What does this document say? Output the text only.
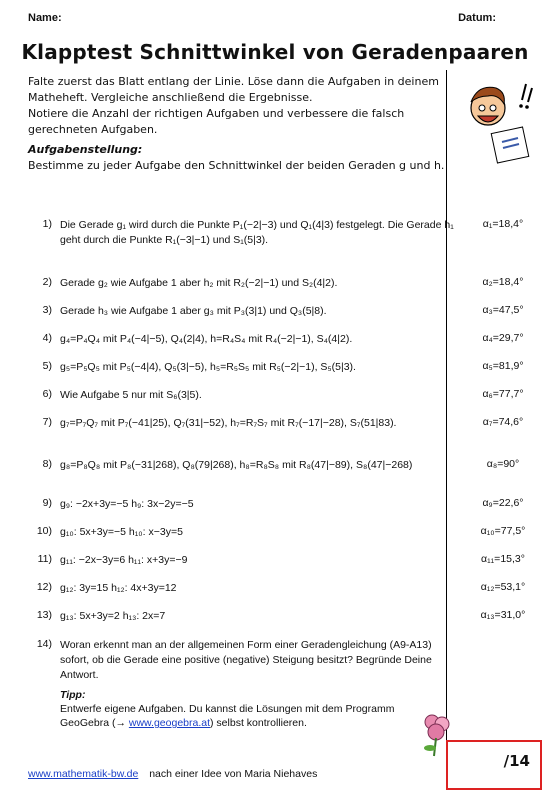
Name:	Datum:
Klapptest Schnittwinkel von Geradenpaaren

Falte zuerst das Blatt entlang der Linie. Löse dann die Aufgaben in deinem Matheheft. Vergleiche anschließend die Ergebnisse.

Notiere die Anzahl der richtigen Aufgaben und verbessere die falsch gerechneten Aufgaben.

Aufgabenstellung:

Bestimme zu jeder Aufgabe den Schnittwinkel der beiden Geraden g und h.

1) Die Gerade g₁ wird durch die Punkte P₁(−2|−3) und Q₁(4|3) festgelegt. Die Gerade h₁ geht durch die Punkte R₁(−3|−1) und S₁(5|3).
α₁=18,4°
2) Gerade g₂ wie Aufgabe 1 aber h₂ mit R₂(−2|−1) und S₂(4|2).	α₂=18,4°
3) Gerade h₃ wie Aufgabe 1 aber g₃ mit P₃(3|1) und Q₃(5|8).	α₃=47,5°
4) g₄=P₄Q₄ mit P₄(−4|−5), Q₄(2|4), h=R₄S₄ mit R₄(−2|−1), S₄(4|2).	α₄=29,7°
5) g₅=P₅Q₅ mit P₅(−4|4), Q₅(3|−5), h₅=R₅S₅ mit R₅(−2|−1), S₅(5|3).	α₅=81,9°
6) Wie Aufgabe 5 nur mit S₆(3|5).	α₆=77,7°
7) g₇=P₇Q₇ mit P₇(−41|25), Q₇(31|−52), h₇=R₇S₇ mit R₇(−17|−28), S₇(51|83).	α₇=74,6°
8) g₈=P₈Q₈ mit P₈(−31|268), Q₈(79|268), h₈=R₈S₈ mit R₈(47|−89), S₈(47|−268)	α₈=90°
9) g₉: −2x+3y=−5 h₉: 3x−2y=−5	α₉=22,6°
10) g₁₀: 5x+3y=−5 h₁₀: x−3y=5	α₁₀=77,5°
11) g₁₁: −2x−3y=6 h₁₁: x+3y=−9	α₁₁=15,3°
12) g₁₂: 3y=15 h₁₂: 4x+3y=12	α₁₂=53,1°
13) g₁₃: 5x+3y=2 h₁₃: 2x=7	α₁₃=31,0°
14) Woran erkennt man an der allgemeinen Form einer Geradengleichung (A9-A13) sofort, ob die Gerade eine positive (negative) Steigung besitzt? Begründe Deine Antwort.
Tipp:
Entwerfe eigene Aufgaben. Du kannst die Lösungen mit dem Programm GeoGebra (→ www.geogebra.at) selbst kontrollieren.
/14
www.mathematik-bw.de nach einer Idee von Maria Niehaves
